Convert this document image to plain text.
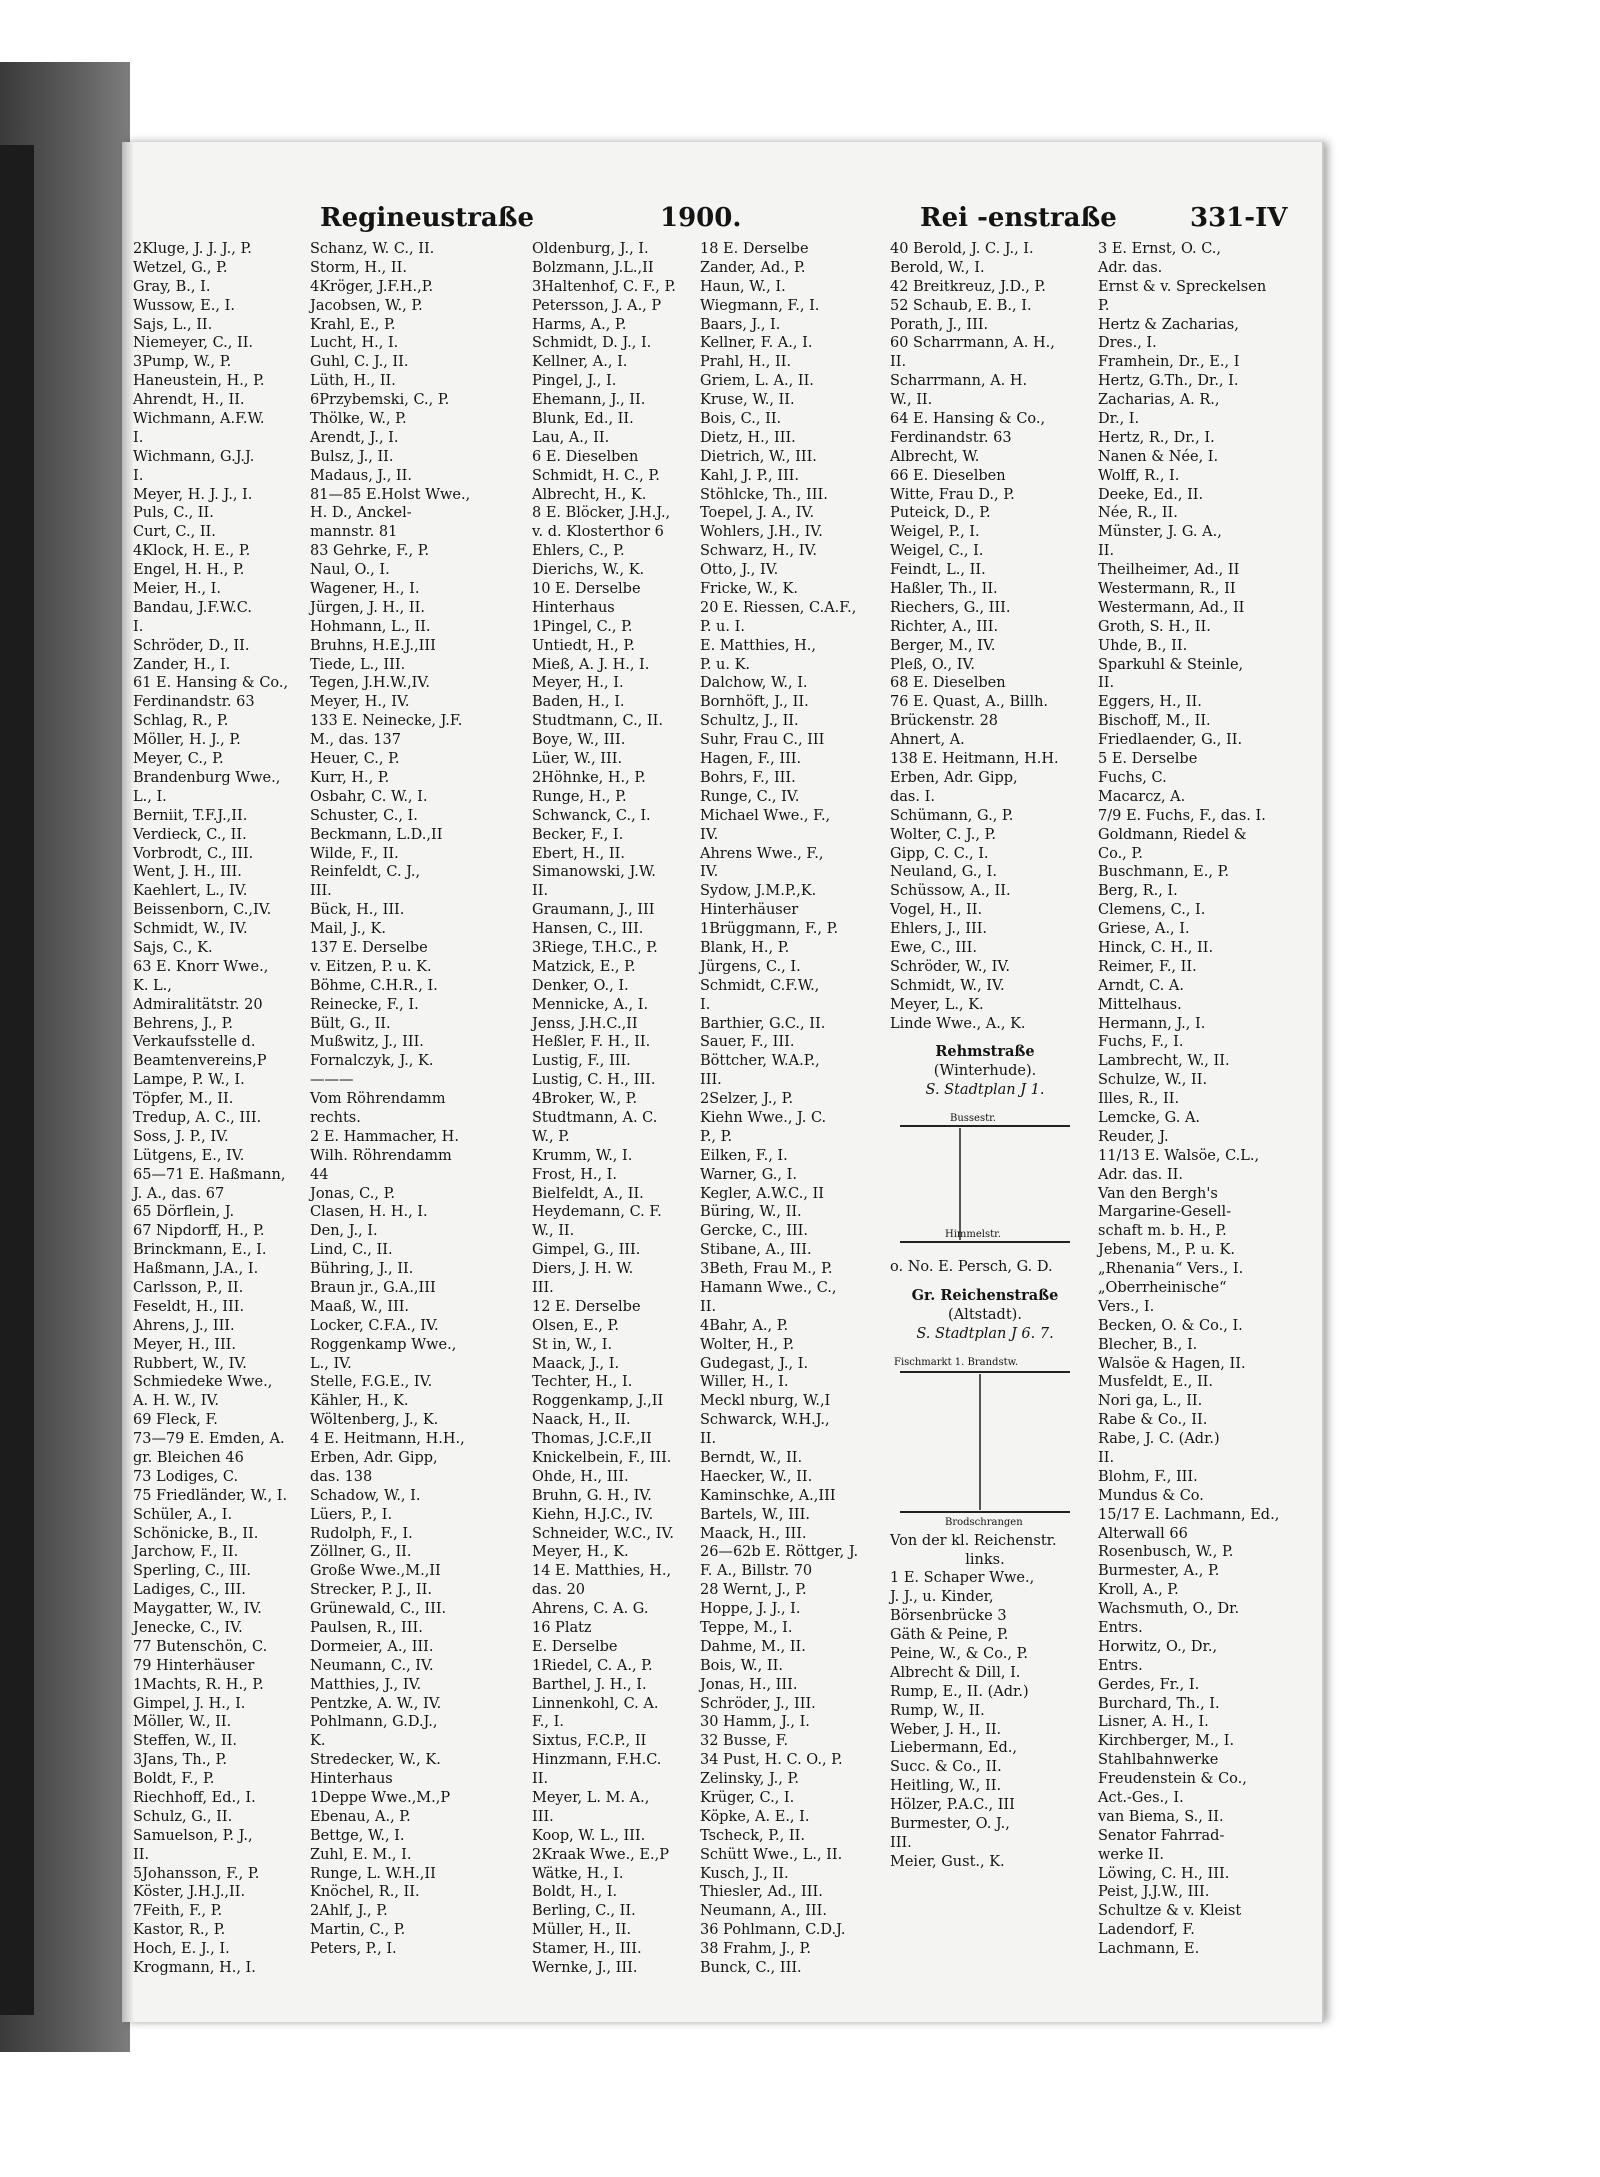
Regineustraße	1900.	Rei ‑enstraße	331-IV
2Kluge, J. J. J., P.
Wetzel, G., P.
Gray, B., I.
Wussow, E., I.
Sajs, L., II.
Niemeyer, C., II.
3Pump, W., P.
Haneustein, H., P.
Ahrendt, H., II.
Wichmann, A.F.W.
I.
Wichmann, G.J.J.
I.
Meyer, H. J. J., I.
Puls, C., II.
Curt, C., II.
4Klock, H. E., P.
Engel, H. H., P.
Meier, H., I.
Bandau, J.F.W.C.
I.
Schröder, D., II.
Zander, H., I.
61 E. Hansing & Co.,
Ferdinandstr. 63
Schlag, R., P.
Möller, H. J., P.
Meyer, C., P.
Brandenburg Wwe.,
L., I.
Berniit, T.F.J.,II.
Verdieck, C., II.
Vorbrodt, C., III.
Went, J. H., III.
Kaehlert, L., IV.
Beissenborn, C.,IV.
Schmidt, W., IV.
Sajs, C., K.
63 E. Knorr Wwe.,
K. L.,
Admiralitätstr. 20
Behrens, J., P.
Verkaufsstelle d.
Beamtenvereins,P
Lampe, P. W., I.
Töpfer, M., II.
Tredup, A. C., III.
Soss, J. P., IV.
Lütgens, E., IV.
65—71 E. Haßmann,
J. A., das. 67
65 Dörflein, J.
67 Nipdorff, H., P.
Brinckmann, E., I.
Haßmann, J.A., I.
Carlsson, P., II.
Feseldt, H., III.
Ahrens, J., III.
Meyer, H., III.
Rubbert, W., IV.
Schmiedeke Wwe.,
A. H. W., IV.
69 Fleck, F.
73—79 E. Emden, A.
gr. Bleichen 46
73 Lodiges, C.
75 Friedländer, W., I.
Schüler, A., I.
Schönicke, B., II.
Jarchow, F., II.
Sperling, C., III.
Ladiges, C., III.
Maygatter, W., IV.
Jenecke, C., IV.
77 Butenschön, C.
79 Hinterhäuser
1Machts, R. H., P.
Gimpel, J. H., I.
Möller, W., II.
Steffen, W., II.
3Jans, Th., P.
Boldt, F., P.
Riechhoff, Ed., I.
Schulz, G., II.
Samuelson, P. J.,
II.
5Johansson, F., P.
Köster, J.H.J.,II.
7Feith, F., P.
Kastor, R., P.
Hoch, E. J., I.
Krogmann, H., I.
Schanz, W. C., II.
Storm, H., II.
4Kröger, J.F.H.,P.
Jacobsen, W., P.
Krahl, E., P.
Lucht, H., I.
Guhl, C. J., II.
Lüth, H., II.
6Przybemski, C., P.
Thölke, W., P.
Arendt, J., I.
Bulsz, J., II.
Madaus, J., II.
81—85 E.Holst Wwe.,
H. D., Anckel-
mannstr. 81
83 Gehrke, F., P.
Naul, O., I.
Wagener, H., I.
Jürgen, J. H., II.
Hohmann, L., II.
Bruhns, H.E.J.,III
Tiede, L., III.
Tegen, J.H.W.,IV.
Meyer, H., IV.
133 E. Neinecke, J.F.
M., das. 137
Heuer, C., P.
Kurr, H., P.
Osbahr, C. W., I.
Schuster, C., I.
Beckmann, L.D.,II
Wilde, F., II.
Reinfeldt, C. J.,
III.
Bück, H., III.
Mail, J., K.
137 E. Derselbe
v. Eitzen, P. u. K.
Böhme, C.H.R., I.
Reinecke, F., I.
Bült, G., II.
Mußwitz, J., III.
Fornalczyk, J., K.
———
Vom Röhrendamm
rechts.
2 E. Hammacher, H.
Wilh. Röhrendamm
44
Jonas, C., P.
Clasen, H. H., I.
Den, J., I.
Lind, C., II.
Bühring, J., II.
Braun jr., G.A.,III
Maaß, W., III.
Locker, C.F.A., IV.
Roggenkamp Wwe.,
L., IV.
Stelle, F.G.E., IV.
Kähler, H., K.
Wöltenberg, J., K.
4 E. Heitmann, H.H.,
Erben, Adr. Gipp,
das. 138
Schadow, W., I.
Lüers, P., I.
Rudolph, F., I.
Zöllner, G., II.
Große Wwe.,M.,II
Strecker, P. J., II.
Grünewald, C., III.
Paulsen, R., III.
Dormeier, A., III.
Neumann, C., IV.
Matthies, J., IV.
Pentzke, A. W., IV.
Pohlmann, G.D.J.,
K.
Stredecker, W., K.
Hinterhaus
1Deppe Wwe.,M.,P
Ebenau, A., P.
Bettge, W., I.
Zuhl, E. M., I.
Runge, L. W.H.,II
Knöchel, R., II.
2Ahlf, J., P.
Martin, C., P.
Peters, P., I.
Oldenburg, J., I.
Bolzmann, J.L.,II
3Haltenhof, C. F., P.
Petersson, J. A., P
Harms, A., P.
Schmidt, D. J., I.
Kellner, A., I.
Pingel, J., I.
Ehemann, J., II.
Blunk, Ed., II.
Lau, A., II.
6 E. Dieselben
Schmidt, H. C., P.
Albrecht, H., K.
8 E. Blöcker, J.H.J.,
v. d. Klosterthor 6
Ehlers, C., P.
Dierichs, W., K.
10 E. Derselbe
Hinterhaus
1Pingel, C., P.
Untiedt, H., P.
Mieß, A. J. H., I.
Meyer, H., I.
Baden, H., I.
Studtmann, C., II.
Boye, W., III.
Lüer, W., III.
2Höhnke, H., P.
Runge, H., P.
Schwanck, C., I.
Becker, F., I.
Ebert, H., II.
Simanowski, J.W.
II.
Graumann, J., III
Hansen, C., III.
3Riege, T.H.C., P.
Matzick, E., P.
Denker, O., I.
Mennicke, A., I.
Jenss, J.H.C.,II
Heßler, F. H., II.
Lustig, F., III.
Lustig, C. H., III.
4Broker, W., P.
Studtmann, A. C.
W., P.
Krumm, W., I.
Frost, H., I.
Bielfeldt, A., II.
Heydemann, C. F.
W., II.
Gimpel, G., III.
Diers, J. H. W.
III.
12 E. Derselbe
Olsen, E., P.
St in, W., I.
Maack, J., I.
Techter, H., I.
Roggenkamp, J.,II
Naack, H., II.
Thomas, J.C.F.,II
Knickelbein, F., III.
Ohde, H., III.
Bruhn, G. H., IV.
Kiehn, H.J.C., IV.
Schneider, W.C., IV.
Meyer, H., K.
14 E. Matthies, H.,
das. 20
Ahrens, C. A. G.
16 Platz
E. Derselbe
1Riedel, C. A., P.
Barthel, J. H., I.
Linnenkohl, C. A.
F., I.
Sixtus, F.C.P., II
Hinzmann, F.H.C.
II.
Meyer, L. M. A.,
III.
Koop, W. L., III.
2Kraak Wwe., E.,P
Wätke, H., I.
Boldt, H., I.
Berling, C., II.
Müller, H., II.
Stamer, H., III.
Wernke, J., III.
18 E. Derselbe
Zander, Ad., P.
Haun, W., I.
Wiegmann, F., I.
Baars, J., I.
Kellner, F. A., I.
Prahl, H., II.
Griem, L. A., II.
Kruse, W., II.
Bois, C., II.
Dietz, H., III.
Dietrich, W., III.
Kahl, J. P., III.
Stöhlcke, Th., III.
Toepel, J. A., IV.
Wohlers, J.H., IV.
Schwarz, H., IV.
Otto, J., IV.
Fricke, W., K.
20 E. Riessen, C.A.F.,
P. u. I.
E. Matthies, H.,
P. u. K.
Dalchow, W., I.
Bornhöft, J., II.
Schultz, J., II.
Suhr, Frau C., III
Hagen, F., III.
Bohrs, F., III.
Runge, C., IV.
Michael Wwe., F.,
IV.
Ahrens Wwe., F.,
IV.
Sydow, J.M.P.,K.
Hinterhäuser
1Brüggmann, F., P.
Blank, H., P.
Jürgens, C., I.
Schmidt, C.F.W.,
I.
Barthier, G.C., II.
Sauer, F., III.
Böttcher, W.A.P.,
III.
2Selzer, J., P.
Kiehn Wwe., J. C.
P., P.
Eilken, F., I.
Warner, G., I.
Kegler, A.W.C., II
Büring, W., II.
Gercke, C., III.
Stibane, A., III.
3Beth, Frau M., P.
Hamann Wwe., C.,
II.
4Bahr, A., P.
Wolter, H., P.
Gudegast, J., I.
Willer, H., I.
Meckl nburg, W.,I
Schwarck, W.H.J.,
II.
Berndt, W., II.
Haecker, W., II.
Kaminschke, A.,III
Bartels, W., III.
Maack, H., III.
26—62b E. Röttger, J.
F. A., Billstr. 70
28 Wernt, J., P.
Hoppe, J. J., I.
Teppe, M., I.
Dahme, M., II.
Bois, W., II.
Jonas, H., III.
Schröder, J., III.
30 Hamm, J., I.
32 Busse, F.
34 Pust, H. C. O., P.
Zelinsky, J., P.
Krüger, C., I.
Köpke, A. E., I.
Tscheck, P., II.
Schütt Wwe., L., II.
Kusch, J., II.
Thiesler, Ad., III.
Neumann, A., III.
36 Pohlmann, C.D.J.
38 Frahm, J., P.
Bunck, C., III.
40 Berold, J. C. J., I.
Berold, W., I.
42 Breitkreuz, J.D., P.
52 Schaub, E. B., I.
Porath, J., III.
60 Scharrmann, A. H.,
II.
Scharrmann, A. H.
W., II.
64 E. Hansing & Co.,
Ferdinandstr. 63
Albrecht, W.
66 E. Dieselben
Witte, Frau D., P.
Puteick, D., P.
Weigel, P., I.
Weigel, C., I.
Feindt, L., II.
Haßler, Th., II.
Riechers, G., III.
Richter, A., III.
Berger, M., IV.
Pleß, O., IV.
68 E. Dieselben
76 E. Quast, A., Billh.
Brückenstr. 28
Ahnert, A.
138 E. Heitmann, H.H.
Erben, Adr. Gipp,
das. I.
Schümann, G., P.
Wolter, C. J., P.
Gipp, C. C., I.
Neuland, G., I.
Schüssow, A., II.
Vogel, H., II.
Ehlers, J., III.
Ewe, C., III.
Schröder, W., IV.
Schmidt, W., IV.
Meyer, L., K.
Linde Wwe., A., K.
Rehmstraße
(Winterhude).
S. Stadtplan J 1.
Bussestr.
Himmelstr.
o. No. E. Persch, G. D.
Gr. Reichenstraße
(Altstadt).
S. Stadtplan J 6. 7.
Fischmarkt 1. Brandstw.
Brodschrangen
Von der kl. Reichenstr.
links.
1 E. Schaper Wwe.,
J. J., u. Kinder,
Börsenbrücke 3
Gäth & Peine, P.
Peine, W., & Co., P.
Albrecht & Dill, I.
Rump, E., II. (Adr.)
Rump, W., II.
Weber, J. H., II.
Liebermann, Ed.,
Succ. & Co., II.
Heitling, W., II.
Hölzer, P.A.C., III
Burmester, O. J.,
III.
Meier, Gust., K.
3 E. Ernst, O. C.,
Adr. das.
Ernst & v. Spreckelsen
P.
Hertz & Zacharias,
Dres., I.
Framhein, Dr., E., I
Hertz, G.Th., Dr., I.
Zacharias, A. R.,
Dr., I.
Hertz, R., Dr., I.
Nanen & Née, I.
Wolff, R., I.
Deeke, Ed., II.
Née, R., II.
Münster, J. G. A.,
II.
Theilheimer, Ad., II
Westermann, R., II
Westermann, Ad., II
Groth, S. H., II.
Uhde, B., II.
Sparkuhl & Steinle,
II.
Eggers, H., II.
Bischoff, M., II.
Friedlaender, G., II.
5 E. Derselbe
Fuchs, C.
Macarcz, A.
7/9 E. Fuchs, F., das. I.
Goldmann, Riedel &
Co., P.
Buschmann, E., P.
Berg, R., I.
Clemens, C., I.
Griese, A., I.
Hinck, C. H., II.
Reimer, F., II.
Arndt, C. A.
Mittelhaus.
Hermann, J., I.
Fuchs, F., I.
Lambrecht, W., II.
Schulze, W., II.
Illes, R., II.
Lemcke, G. A.
Reuder, J.
11/13 E. Walsöe, C.L.,
Adr. das. II.
Van den Bergh's
Margarine-Gesell-
schaft m. b. H., P.
Jebens, M., P. u. K.
„Rhenania“ Vers., I.
„Oberrheinische“
Vers., I.
Becken, O. & Co., I.
Blecher, B., I.
Walsöe & Hagen, II.
Musfeldt, E., II.
Nori ga, L., II.
Rabe & Co., II.
Rabe, J. C. (Adr.)
II.
Blohm, F., III.
Mundus & Co.
15/17 E. Lachmann, Ed.,
Alterwall 66
Rosenbusch, W., P.
Burmester, A., P.
Kroll, A., P.
Wachsmuth, O., Dr.
Entrs.
Horwitz, O., Dr.,
Entrs.
Gerdes, Fr., I.
Burchard, Th., I.
Lisner, A. H., I.
Kirchberger, M., I.
Stahlbahnwerke
Freudenstein & Co.,
Act.-Ges., I.
van Biema, S., II.
Senator Fahrrad-
werke II.
Löwing, C. H., III.
Peist, J.J.W., III.
Schultze & v. Kleist
Ladendorf, F.
Lachmann, E.
